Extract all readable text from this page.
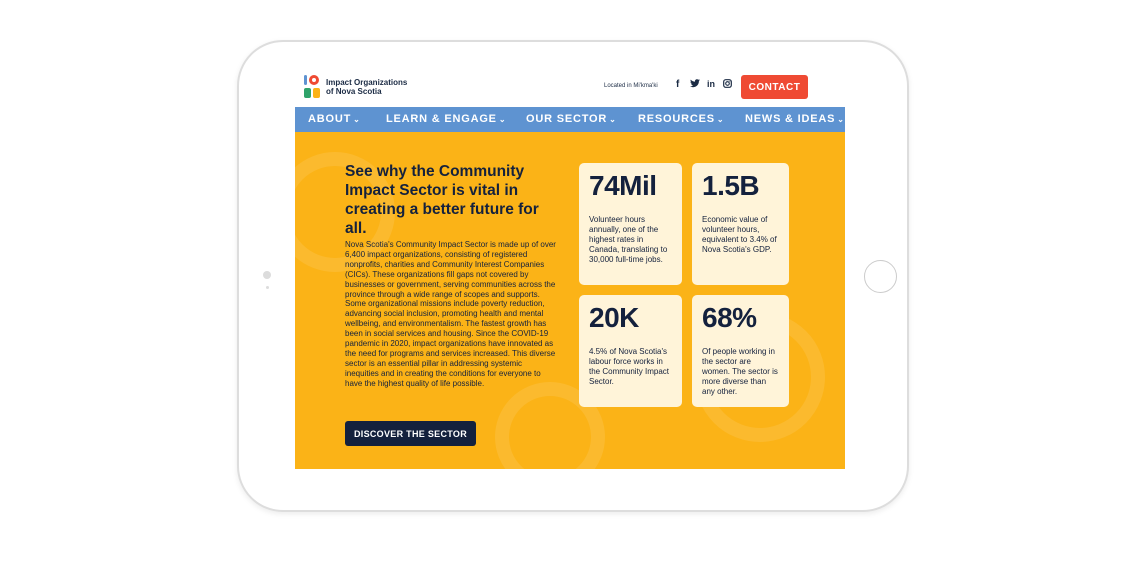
Impact Organizations of Nova Scotia
Located in Mi'kma'ki f	in	CONTACT
ABOUT ⌄ LEARN & ENGAGE ⌄ OUR SECTOR ⌄ RESOURCES ⌄ NEWS & IDEAS ⌄
See why the Community Impact Sector is vital in creating a better future for all.
Nova Scotia's Community Impact Sector is made up of over 6,400 impact organizations, consisting of registered nonprofits, charities and Community Interest Companies (CICs). These organizations fill gaps not covered by businesses or government, serving communities across the province through a wide range of scopes and supports. Some organizational missions include poverty reduction, advancing social inclusion, promoting health and mental wellbeing, and environmentalism. The fastest growth has been in social services and housing. Since the COVID-19 pandemic in 2020, impact organizations have innovated as the need for programs and services increased. This diverse sector is an essential pillar in addressing systemic inequities and in creating the conditions for everyone to have the highest quality of life possible.
DISCOVER THE SECTOR
74Mil
Volunteer hours annually, one of the highest rates in Canada, translating to 30,000 full-time jobs.
1.5B
Economic value of volunteer hours, equivalent to 3.4% of Nova Scotia's GDP.
20K
4.5% of Nova Scotia's labour force works in the Community Impact Sector.
68%
Of people working in the sector are women. The sector is more diverse than any other.
